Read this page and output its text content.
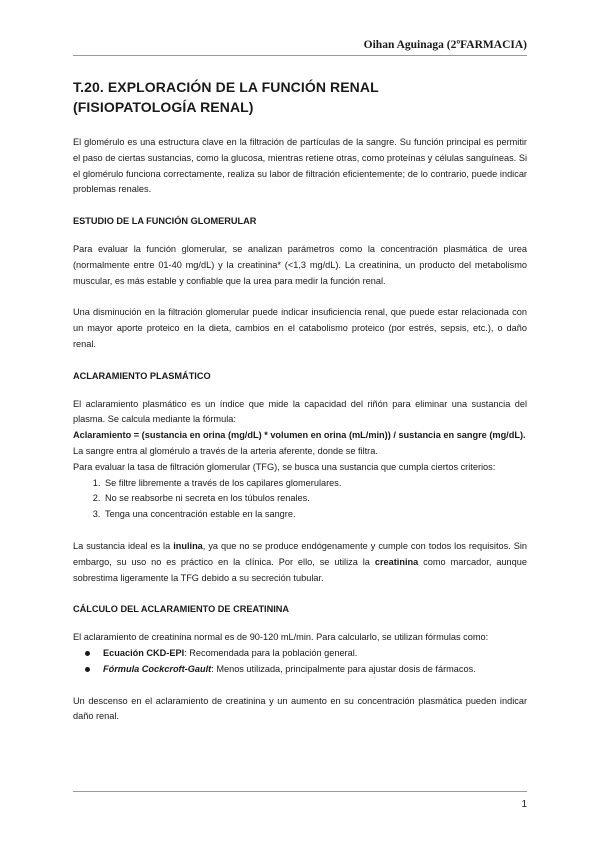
Oihan Aguinaga (2ºFARMACIA)
T.20. EXPLORACIÓN DE LA FUNCIÓN RENAL
(FISIOPATOLOGÍA RENAL)

El glomérulo es una estructura clave en la filtración de partículas de la sangre. Su función principal es permitir el paso de ciertas sustancias, como la glucosa, mientras retiene otras, como proteínas y células sanguíneas. Si el glomérulo funciona correctamente, realiza su labor de filtración eficientemente; de lo contrario, puede indicar problemas renales.

ESTUDIO DE LA FUNCIÓN GLOMERULAR

Para evaluar la función glomerular, se analizan parámetros como la concentración plasmática de urea (normalmente entre 01-40 mg/dL) y la creatinina* (<1,3 mg/dL). La creatinina, un producto del metabolismo muscular, es más estable y confiable que la urea para medir la función renal.

Una disminución en la filtración glomerular puede indicar insuficiencia renal, que puede estar relacionada con un mayor aporte proteico en la dieta, cambios en el catabolismo proteico (por estrés, sepsis, etc.), o daño renal.

ACLARAMIENTO PLASMÁTICO

El aclaramiento plasmático es un índice que mide la capacidad del riñón para eliminar una sustancia del plasma. Se calcula mediante la fórmula:

Aclaramiento = (sustancia en orina (mg/dL) * volumen en orina (mL/min)) / sustancia en sangre (mg/dL).

La sangre entra al glomérulo a través de la arteria aferente, donde se filtra.

Para evaluar la tasa de filtración glomerular (TFG), se busca una sustancia que cumpla ciertos criterios:

1. Se filtre libremente a través de los capilares glomerulares.
2. No se reabsorbe ni secreta en los túbulos renales.
3. Tenga una concentración estable en la sangre.

La sustancia ideal es la inulina, ya que no se produce endógenamente y cumple con todos los requisitos. Sin embargo, su uso no es práctico en la clínica. Por ello, se utiliza la creatinina como marcador, aunque sobrestima ligeramente la TFG debido a su secreción tubular.

CÁLCULO DEL ACLARAMIENTO DE CREATININA

El aclaramiento de creatinina normal es de 90-120 mL/min. Para calcularlo, se utilizan fórmulas como:

Ecuación CKD-EPI: Recomendada para la población general.
Fórmula Cockcroft-Gault: Menos utilizada, principalmente para ajustar dosis de fármacos.

Un descenso en el aclaramiento de creatinina y un aumento en su concentración plasmática pueden indicar daño renal.

1
